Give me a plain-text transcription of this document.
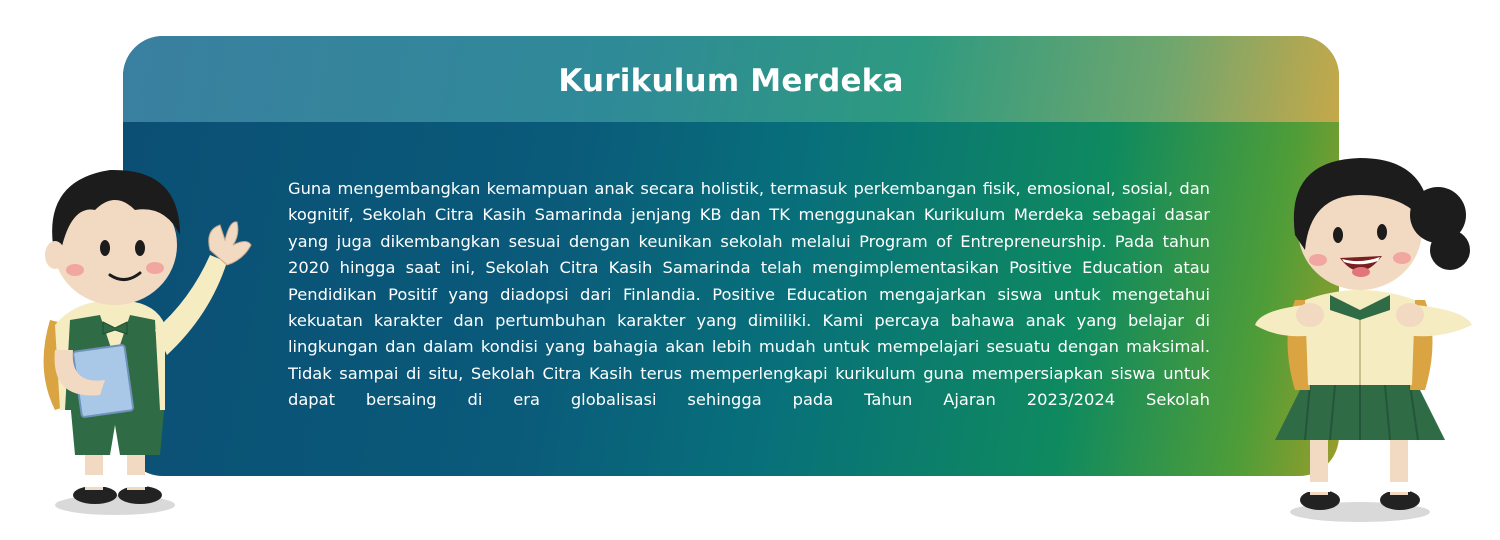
Kurikulum Merdeka
Guna mengembangkan kemampuan anak secara holistik, termasuk perkembangan fisik, emosional, sosial, dan kognitif, Sekolah Citra Kasih Samarinda jenjang KB dan TK menggunakan Kurikulum Merdeka sebagai dasar yang juga dikembangkan sesuai dengan keunikan sekolah melalui Program of Entrepreneurship. Pada tahun 2020 hingga saat ini, Sekolah Citra Kasih Samarinda telah mengimplementasikan Positive Education atau Pendidikan Positif yang diadopsi dari Finlandia. Positive Education mengajarkan siswa untuk mengetahui kekuatan karakter dan pertumbuhan karakter yang dimiliki. Kami percaya bahawa anak yang belajar di lingkungan dan dalam kondisi yang bahagia akan lebih mudah untuk mempelajari sesuatu dengan maksimal. Tidak sampai di situ, Sekolah Citra Kasih terus memperlengkapi kurikulum guna mempersiapkan siswa untuk dapat bersaing di era globalisasi sehingga pada Tahun Ajaran 2023/2024 Sekolah
